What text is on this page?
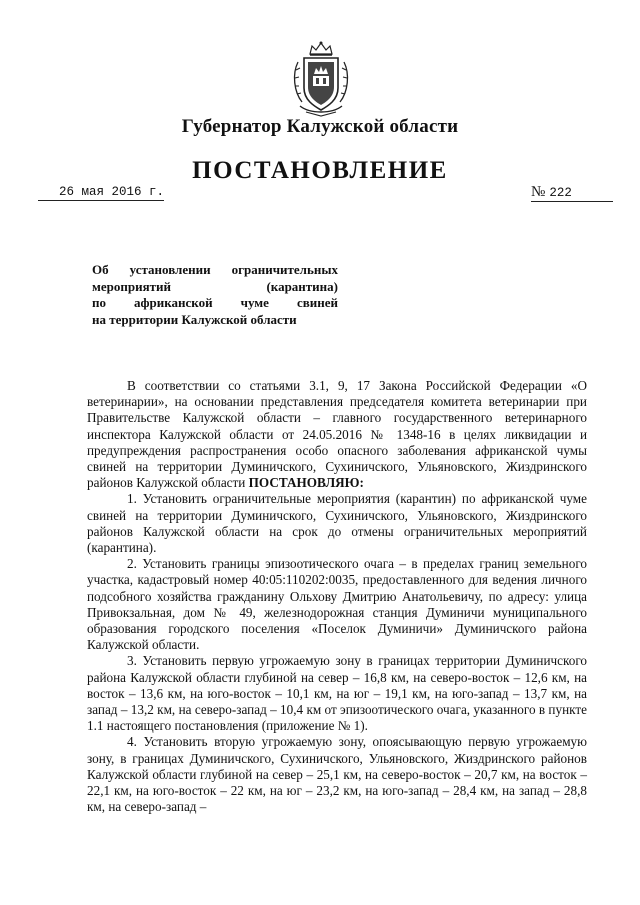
Губернатор Калужской области
ПОСТАНОВЛЕНИЕ
26 мая 2016 г.	№ 222
Об установлении ограничительных
мероприятий (карантина)
по африканской чуме свиней
на территории Калужской области

В соответствии со статьями 3.1, 9, 17 Закона Российской Федерации «О ветеринарии», на основании представления председателя комитета ветеринарии при Правительстве Калужской области – главного государственного ветеринарного инспектора Калужской области от 24.05.2016 № 1348-16 в целях ликвидации и предупреждения распространения особо опасного заболевания африканской чумы свиней на территории Думиничского, Сухиничского, Ульяновского, Жиздринского районов Калужской области ПОСТАНОВЛЯЮ:

1. Установить ограничительные мероприятия (карантин) по африканской чуме свиней на территории Думиничского, Сухиничского, Ульяновского, Жиздринского районов Калужской области на срок до отмены ограничительных мероприятий (карантина).

2. Установить границы эпизоотического очага – в пределах границ земельного участка, кадастровый номер 40:05:110202:0035, предоставленного для ведения личного подсобного хозяйства гражданину Ольхову Дмитрию Анатольевичу, по адресу: улица Привокзальная, дом № 49, железнодорожная станция Думиничи муниципального образования городского поселения «Поселок Думиничи» Думиничского района Калужской области.

3. Установить первую угрожаемую зону в границах территории Думиничского района Калужской области глубиной на север – 16,8 км, на северо-восток – 12,6 км, на восток – 13,6 км, на юго-восток – 10,1 км, на юг – 19,1 км, на юго-запад – 13,7 км, на запад – 13,2 км, на северо-запад – 10,4 км от эпизоотического очага, указанного в пункте 1.1 настоящего постановления (приложение № 1).

4. Установить вторую угрожаемую зону, опоясывающую первую угрожаемую зону, в границах Думиничского, Сухиничского, Ульяновского, Жиздринского районов Калужской области глубиной на север – 25,1 км, на северо-восток – 20,7 км, на восток – 22,1 км, на юго-восток – 22 км, на юг – 23,2 км, на юго-запад – 28,4 км, на запад – 28,8 км, на северо-запад –
